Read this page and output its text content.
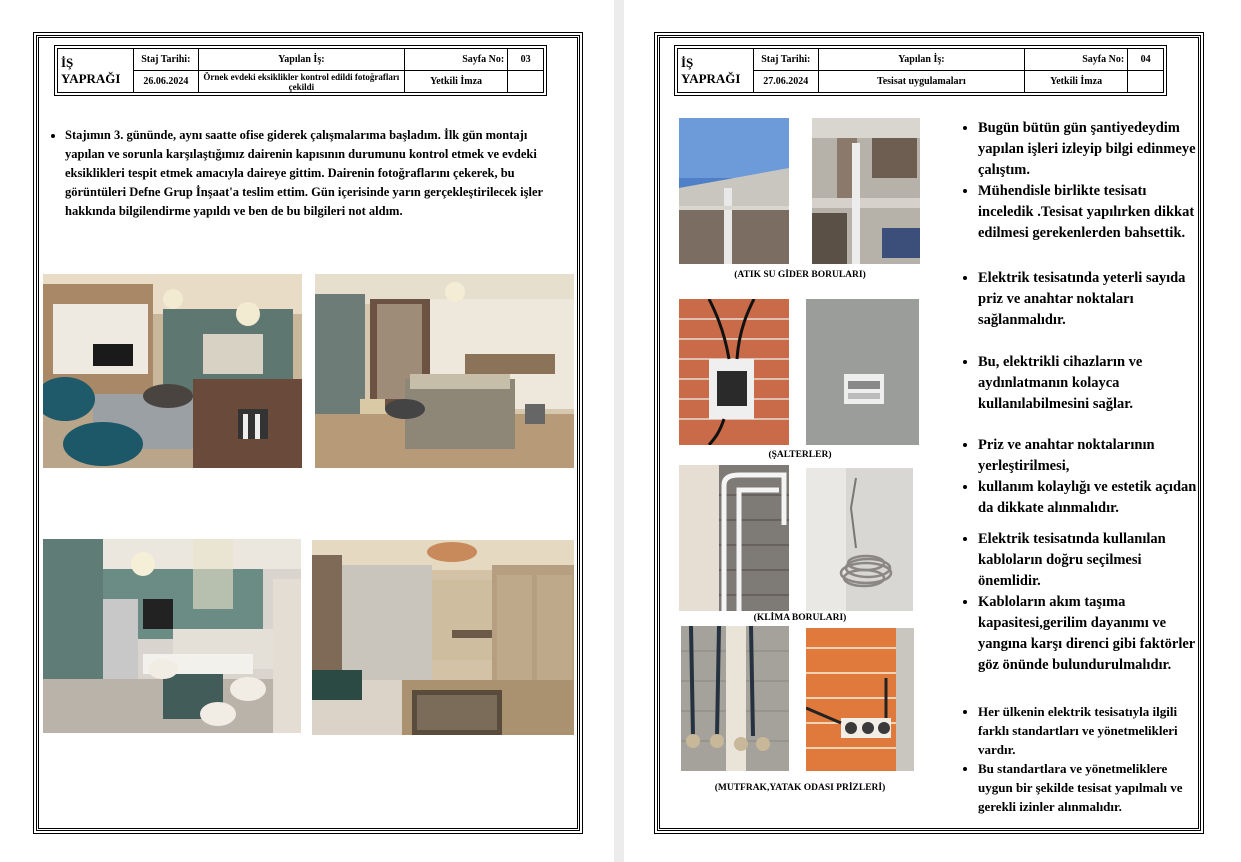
İŞ
YAPRAĞI	Staj Tarihi:	Yapılan İş:	Sayfa No:	03
	26.06.2024	Örnek evdeki eksiklikler kontrol edildi fotoğrafları çekildi	Yetkili İmza	
• Stajımın 3. gününde, aynı saatte ofise giderek çalışmalarıma başladım. İlk gün montajı yapılan ve sorunla karşılaştığımız dairenin kapısının durumunu kontrol etmek ve evdeki eksiklikleri tespit etmek amacıyla daireye gittim. Dairenin fotoğraflarını çekerek, bu görüntüleri Defne Grup İnşaat'a teslim ettim. Gün içerisinde yarın gerçekleştirilecek işler hakkında bilgilendirme yapıldı ve ben de bu bilgileri not aldım.
İŞ
YAPRAĞI	Staj Tarihi:	Yapılan İş:	Sayfa No:	04
	27.06.2024	Tesisat uygulamaları	Yetkili İmza	
(ATIK SU GİDER BORULARI)
(ŞALTERLER)
(KLİMA BORULARI)
(MUTFRAK,YATAK ODASI PRİZLERİ)
• Bugün bütün gün şantiyedeydim yapılan işleri izleyip bilgi edinmeye çalıştım.
• Mühendisle birlikte tesisatı inceledik .Tesisat yapılırken dikkat edilmesi gerekenlerden bahsettik.
• Elektrik tesisatında yeterli sayıda priz ve anahtar noktaları sağlanmalıdır.
• Bu, elektrikli cihazların ve aydınlatmanın kolayca kullanılabilmesini sağlar.
• Priz ve anahtar noktalarının yerleştirilmesi,
• kullanım kolaylığı ve estetik açıdan da dikkate alınmalıdır.
• Elektrik tesisatında kullanılan kabloların doğru seçilmesi önemlidir.
• Kabloların akım taşıma kapasitesi,gerilim dayanımı ve yangına karşı direnci gibi faktörler göz önünde bulundurulmalıdır.
• Her ülkenin elektrik tesisatıyla ilgili farklı standartları ve yönetmelikleri vardır.
• Bu standartlara ve yönetmeliklere uygun bir şekilde tesisat yapılmalı ve gerekli izinler alınmalıdır.
